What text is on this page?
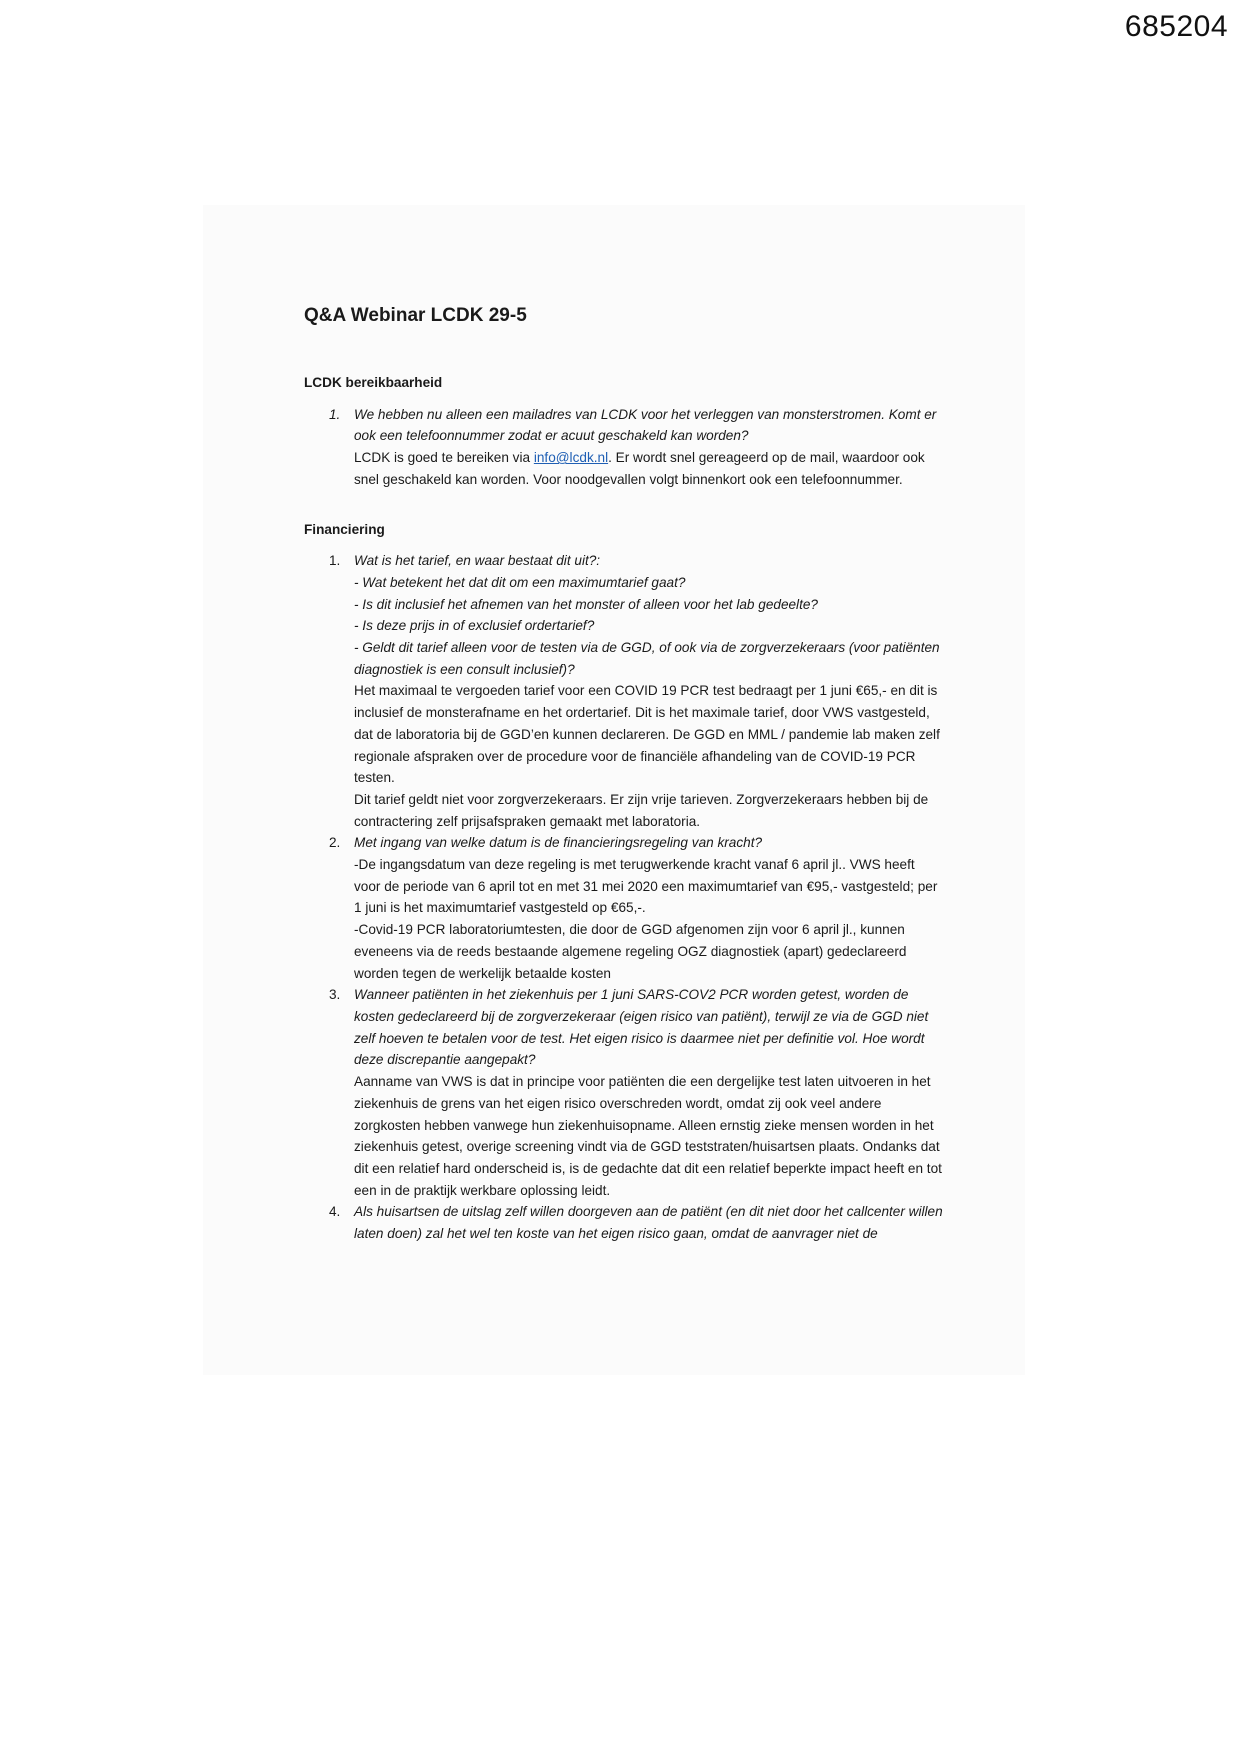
685204
Q&A Webinar LCDK 29-5
LCDK bereikbaarheid
1. We hebben nu alleen een mailadres van LCDK voor het verleggen van monsterstromen. Komt er ook een telefoonnummer zodat er acuut geschakeld kan worden?
LCDK is goed te bereiken via info@lcdk.nl. Er wordt snel gereageerd op de mail, waardoor ook snel geschakeld kan worden. Voor noodgevallen volgt binnenkort ook een telefoonnummer.
Financiering
1. Wat is het tarief, en waar bestaat dit uit?:
- Wat betekent het dat dit om een maximumtarief gaat?
- Is dit inclusief het afnemen van het monster of alleen voor het lab gedeelte?
- Is deze prijs in of exclusief ordertarief?
- Geldt dit tarief alleen voor de testen via de GGD, of ook via de zorgverzekeraars (voor patiënten diagnostiek is een consult inclusief)?
Het maximaal te vergoeden tarief voor een COVID 19 PCR test bedraagt per 1 juni €65,- en dit is inclusief de monsterafname en het ordertarief. Dit is het maximale tarief, door VWS vastgesteld, dat de laboratoria bij de GGD’en kunnen declareren. De GGD en MML / pandemie lab maken zelf regionale afspraken over de procedure voor de financiële afhandeling van de COVID-19 PCR testen.
Dit tarief geldt niet voor zorgverzekeraars. Er zijn vrije tarieven. Zorgverzekeraars hebben bij de contractering zelf prijsafspraken gemaakt met laboratoria.
2. Met ingang van welke datum is de financieringsregeling van kracht?
-De ingangsdatum van deze regeling is met terugwerkende kracht vanaf 6 april jl.. VWS heeft voor de periode van 6 april tot en met 31 mei 2020 een maximumtarief van €95,- vastgesteld; per 1 juni is het maximumtarief vastgesteld op €65,-.
-Covid-19 PCR laboratoriumtesten, die door de GGD afgenomen zijn voor 6 april jl., kunnen eveneens via de reeds bestaande algemene regeling OGZ diagnostiek (apart) gedeclareerd worden tegen de werkelijk betaalde kosten
3. Wanneer patiënten in het ziekenhuis per 1 juni SARS-COV2 PCR worden getest, worden de kosten gedeclareerd bij de zorgverzekeraar (eigen risico van patiënt), terwijl ze via de GGD niet zelf hoeven te betalen voor de test. Het eigen risico is daarmee niet per definitie vol. Hoe wordt deze discrepantie aangepakt?
Aanname van VWS is dat in principe voor patiënten die een dergelijke test laten uitvoeren in het ziekenhuis de grens van het eigen risico overschreden wordt, omdat zij ook veel andere zorgkosten hebben vanwege hun ziekenhuisopname. Alleen ernstig zieke mensen worden in het ziekenhuis getest, overige screening vindt via de GGD teststraten/huisartsen plaats. Ondanks dat dit een relatief hard onderscheid is, is de gedachte dat dit een relatief beperkte impact heeft en tot een in de praktijk werkbare oplossing leidt.
4. Als huisartsen de uitslag zelf willen doorgeven aan de patiënt (en dit niet door het callcenter willen laten doen) zal het wel ten koste van het eigen risico gaan, omdat de aanvrager niet de
